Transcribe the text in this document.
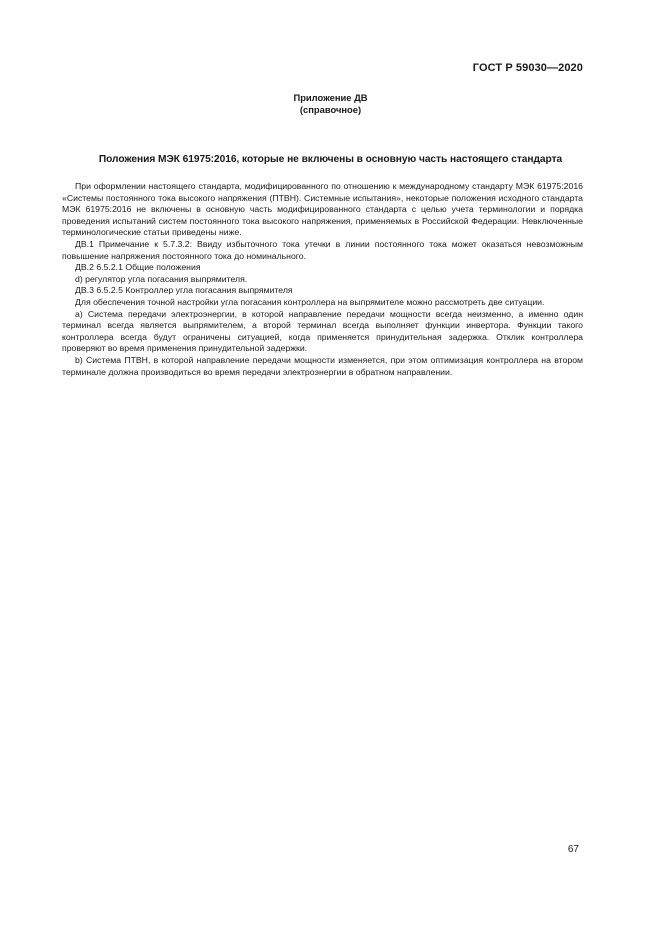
ГОСТ Р 59030—2020
Приложение ДВ
(справочное)
Положения МЭК 61975:2016, которые не включены в основную часть настоящего стандарта

При оформлении настоящего стандарта, модифицированного по отношению к международному стандарту МЭК 61975:2016 «Системы постоянного тока высокого напряжения (ПТВН). Системные испытания», некоторые положения исходного стандарта МЭК 61975:2016 не включены в основную часть модифицированного стандарта с целью учета терминологии и порядка проведения испытаний систем постоянного тока высокого напряжения, применяемых в Российской Федерации. Невключенные терминологические статьи приведены ниже.

ДВ.1 Примечание к 5.7.3.2: Ввиду избыточного тока утечки в линии постоянного тока может оказаться невозможным повышение напряжения постоянного тока до номинального.

ДВ.2 6.5.2.1 Общие положения

d) регулятор угла погасания выпрямителя.

ДВ.3 6.5.2.5 Контроллер угла погасания выпрямителя

Для обеспечения точной настройки угла погасания контроллера на выпрямителе можно рассмотреть две ситуации.

a) Система передачи электроэнергии, в которой направление передачи мощности всегда неизменно, а именно один терминал всегда является выпрямителем, а второй терминал всегда выполняет функции инвертора. Функции такого контроллера всегда будут ограничены ситуацией, когда применяется принудительная задержка. Отклик контроллера проверяют во время применения принудительной задержки.

b) Система ПТВН, в которой направление передачи мощности изменяется, при этом оптимизация контроллера на втором терминале должна производиться во время передачи электроэнергии в обратном направлении.

67
